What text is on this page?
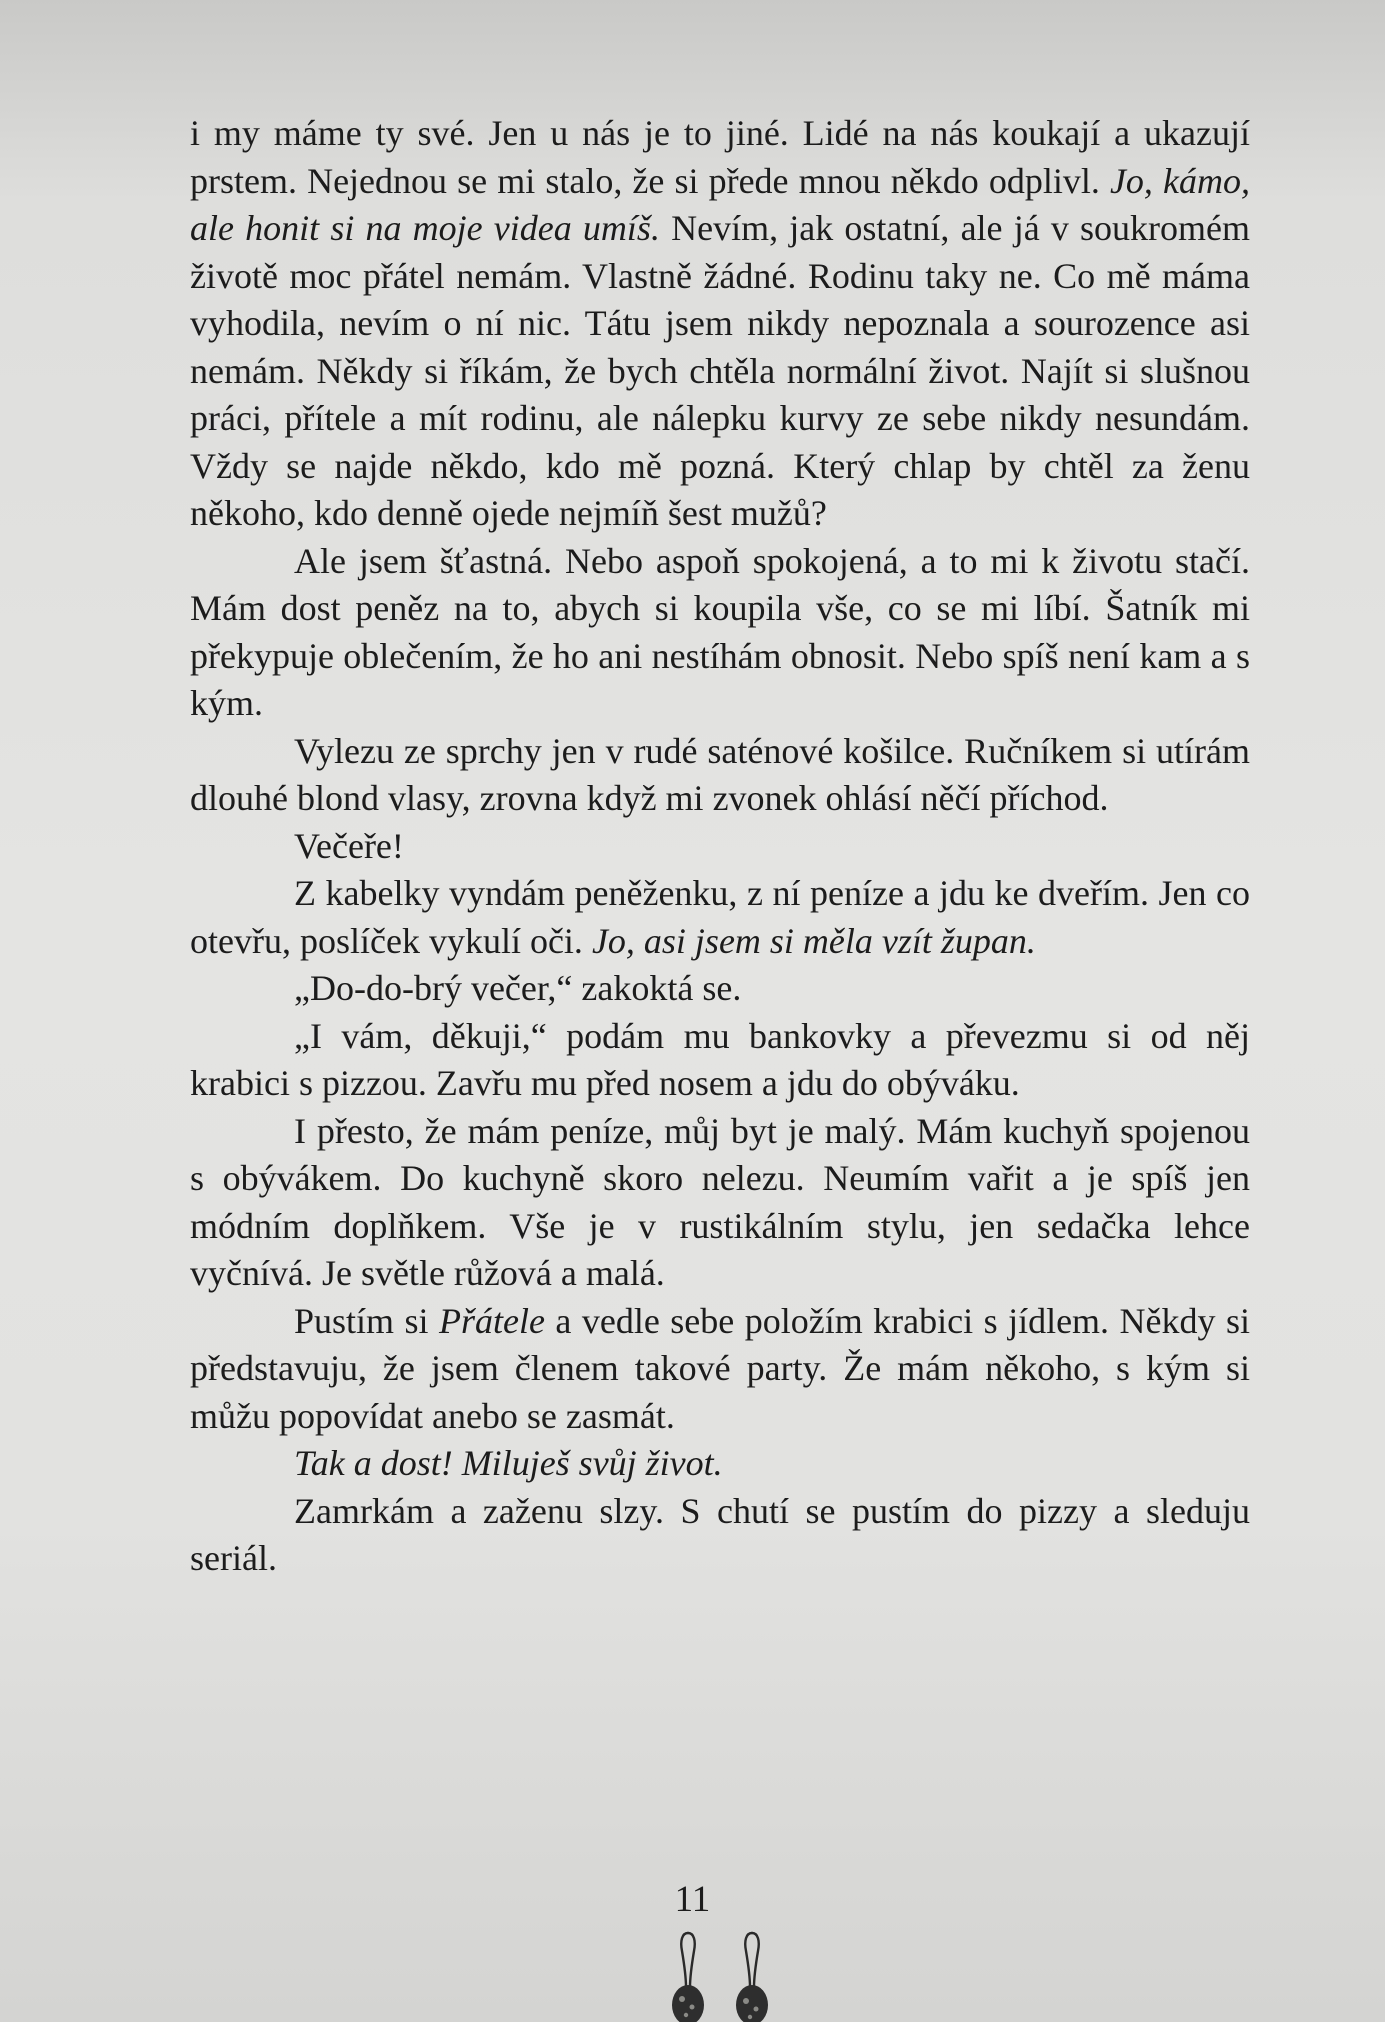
i my máme ty své. Jen u nás je to jiné. Lidé na nás koukají a ukazují prstem. Nejednou se mi stalo, že si přede mnou někdo odplivl. Jo, kámo, ale honit si na moje videa umíš. Nevím, jak ostatní, ale já v soukromém životě moc přátel nemám. Vlastně žádné. Rodinu taky ne. Co mě máma vyhodila, nevím o ní nic. Tátu jsem nikdy nepoznala a sourozence asi nemám. Někdy si říkám, že bych chtěla normální život. Najít si slušnou práci, přítele a mít rodinu, ale nálepku kurvy ze sebe nikdy nesundám. Vždy se najde někdo, kdo mě pozná. Který chlap by chtěl za ženu někoho, kdo denně ojede nejmíň šest mužů?

Ale jsem šťastná. Nebo aspoň spokojená, a to mi k životu stačí. Mám dost peněz na to, abych si koupila vše, co se mi líbí. Šatník mi překypuje oblečením, že ho ani nestíhám obnosit. Nebo spíš není kam a s kým.

Vylezu ze sprchy jen v rudé saténové košilce. Ručníkem si utírám dlouhé blond vlasy, zrovna když mi zvonek ohlásí něčí příchod.

Večeře!

Z kabelky vyndám peněženku, z ní peníze a jdu ke dveřím. Jen co otevřu, poslíček vykulí oči. Jo, asi jsem si měla vzít župan.

„Do-do-brý večer,“ zakoktá se.

„I vám, děkuji,“ podám mu bankovky a převezmu si od něj krabici s pizzou. Zavřu mu před nosem a jdu do obýváku.

I přesto, že mám peníze, můj byt je malý. Mám kuchyň spojenou s obývákem. Do kuchyně skoro nelezu. Neumím vařit a je spíš jen módním doplňkem. Vše je v rustikálním stylu, jen sedačka lehce vyčnívá. Je světle růžová a malá.

Pustím si Přátele a vedle sebe položím krabici s jídlem. Někdy si představuju, že jsem členem takové party. Že mám někoho, s kým si můžu popovídat anebo se zasmát.

Tak a dost! Miluješ svůj život.

Zamrkám a zaženu slzy. S chutí se pustím do pizzy a sleduju seriál.

11
